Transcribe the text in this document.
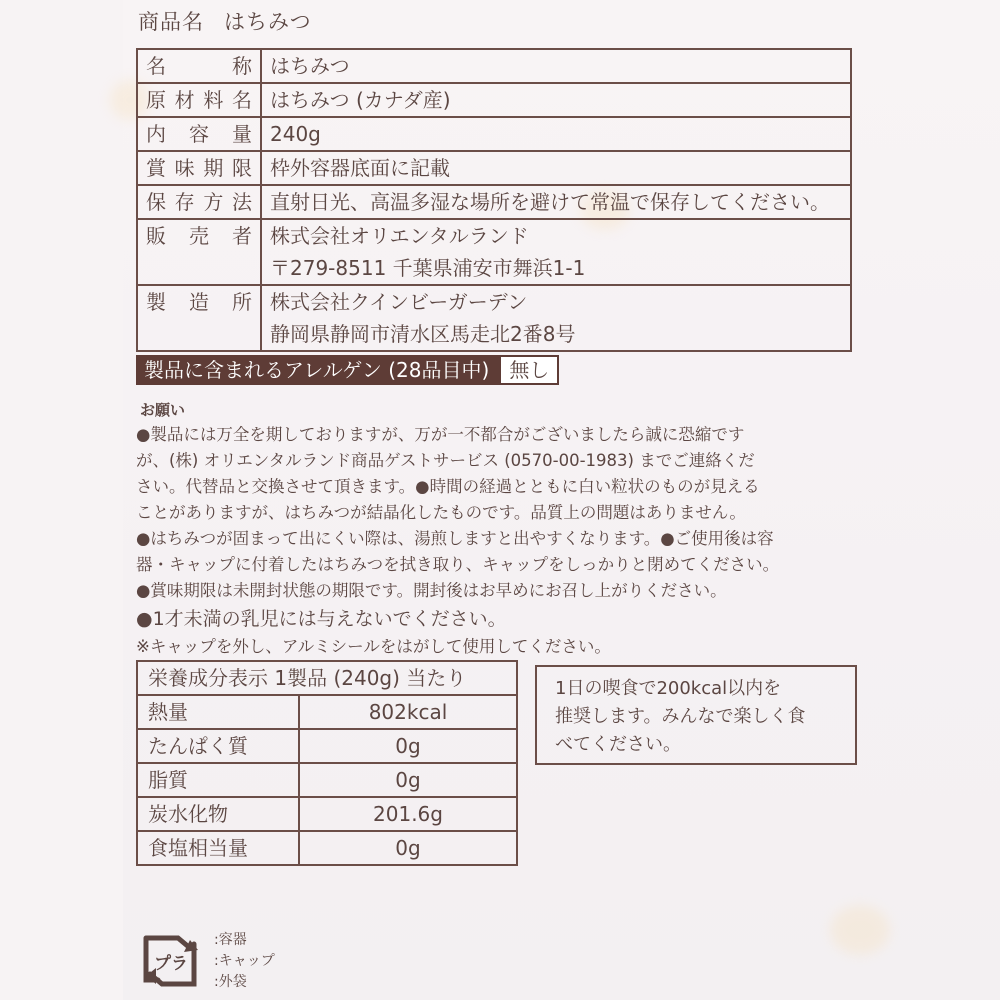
商品名 はちみつ
名　称	はちみつ
原材料名	はちみつ (カナダ産)
内容量	240g
賞味期限	枠外容器底面に記載
保存方法	直射日光、高温多湿な場所を避けて常温で保存してください。
販売者	株式会社オリエンタルランド
〒279-8511 千葉県浦安市舞浜1-1

製造所	株式会社クインビーガーデン
静岡県静岡市清水区馬走北2番8号
製品に含まれるアレルゲン (28品目中)	無し
お願い

●製品には万全を期しておりますが、万が一不都合がございましたら誠に恐縮です

が、(株) オリエンタルランド商品ゲストサービス (0570-00-1983) までご連絡くだ

さい。代替品と交換させて頂きます。●時間の経過とともに白い粒状のものが見える

ことがありますが、はちみつが結晶化したものです。品質上の問題はありません。

●はちみつが固まって出にくい際は、湯煎しますと出やすくなります。●ご使用後は容

器・キャップに付着したはちみつを拭き取り、キャップをしっかりと閉めてください。

●賞味期限は未開封状態の期限です。開封後はお早めにお召し上がりください。

●1才未満の乳児には与えないでください。

※キャップを外し、アルミシールをはがして使用してください。

栄養成分表示 1製品 (240g) 当たり	
熱量	802kcal
たんぱく質	0g
脂質	0g
炭水化物	201.6g
食塩相当量	0g
1日の喫食で200kcal以内を
推奨します。みんなで楽しく食
べてください。
プラ
:容器
:キャップ
:外袋
